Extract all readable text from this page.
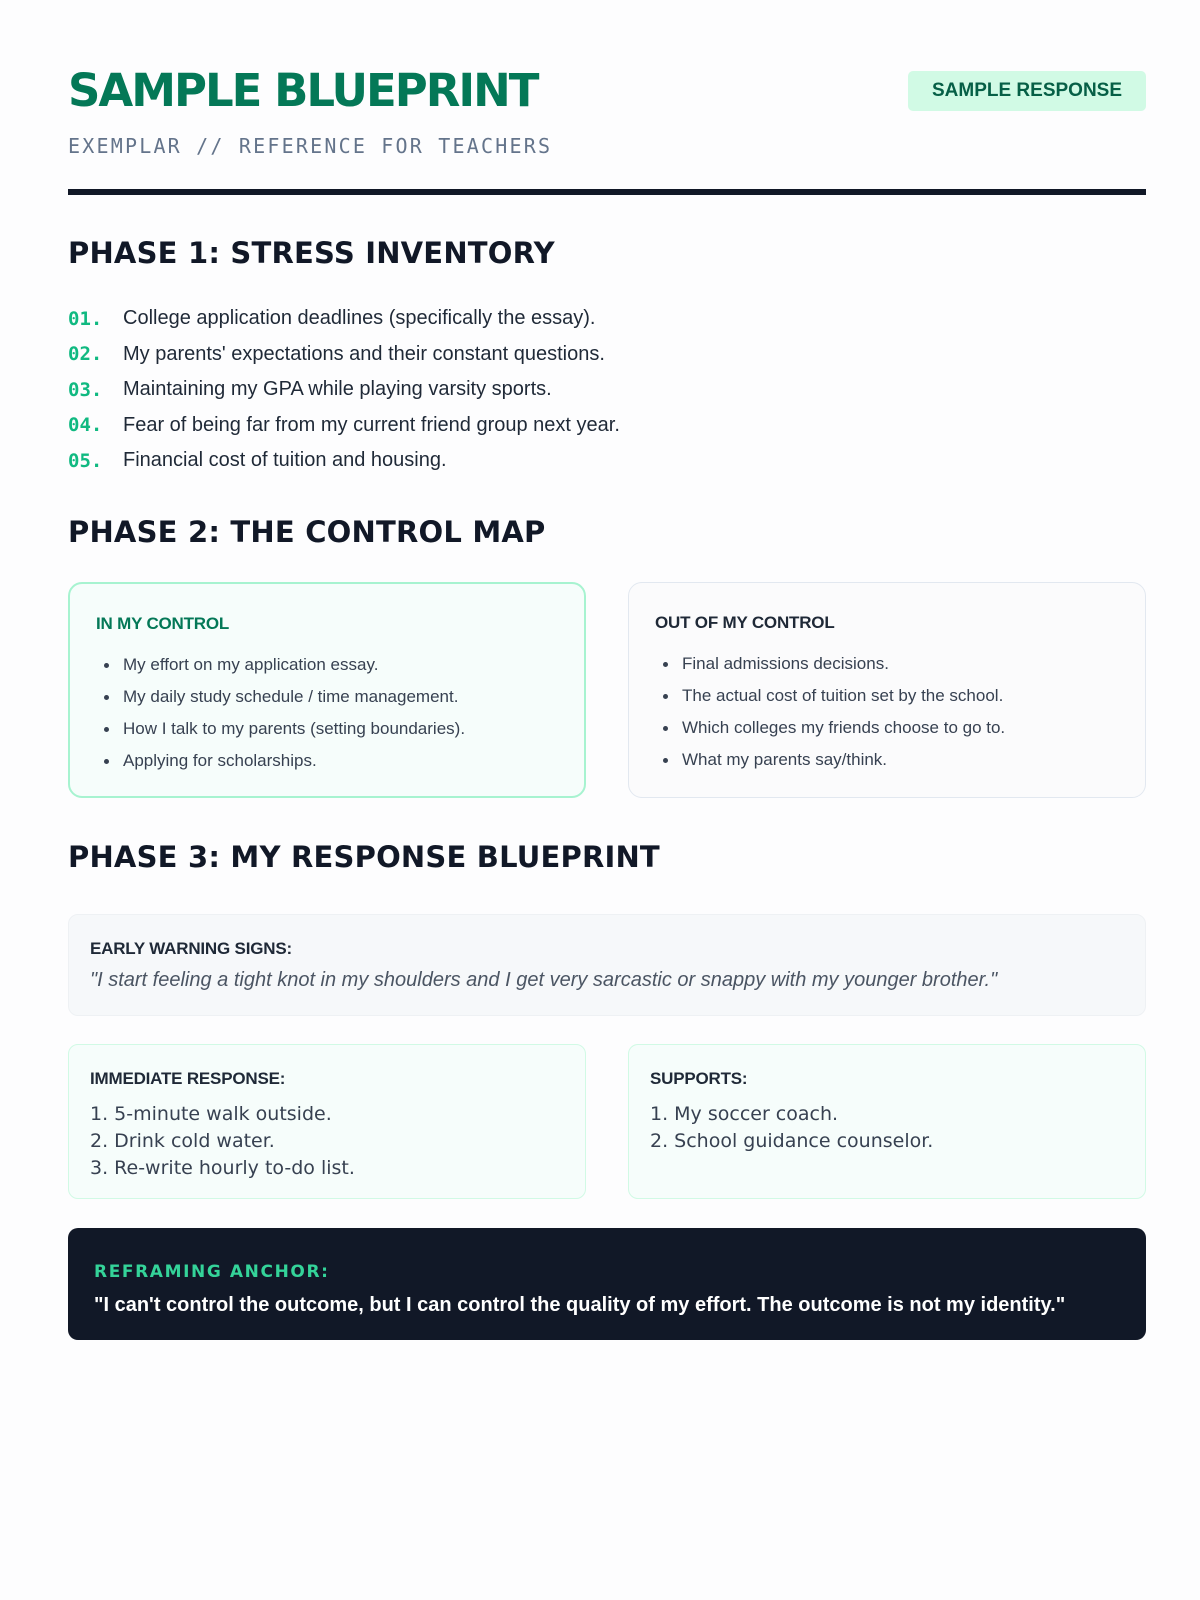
SAMPLE BLUEPRINT
EXEMPLAR // REFERENCE FOR TEACHERS
SAMPLE RESPONSE
PHASE 1: STRESS INVENTORY
01.	College application deadlines (specifically the essay).
02.	My parents' expectations and their constant questions.
03.	Maintaining my GPA while playing varsity sports.
04.	Fear of being far from my current friend group next year.
05.	Financial cost of tuition and housing.
PHASE 2: THE CONTROL MAP
IN MY CONTROL
My effort on my application essay.
My daily study schedule / time management.
How I talk to my parents (setting boundaries).
Applying for scholarships.
OUT OF MY CONTROL
Final admissions decisions.
The actual cost of tuition set by the school.
Which colleges my friends choose to go to.
What my parents say/think.
PHASE 3: MY RESPONSE BLUEPRINT
EARLY WARNING SIGNS:
"I start feeling a tight knot in my shoulders and I get very sarcastic or snappy with my younger brother."
IMMEDIATE RESPONSE:
1. 5-minute walk outside.
2. Drink cold water.
3. Re-write hourly to-do list.
SUPPORTS:
1. My soccer coach.
2. School guidance counselor.
REFRAMING ANCHOR:
"I can't control the outcome, but I can control the quality of my effort. The outcome is not my identity."
